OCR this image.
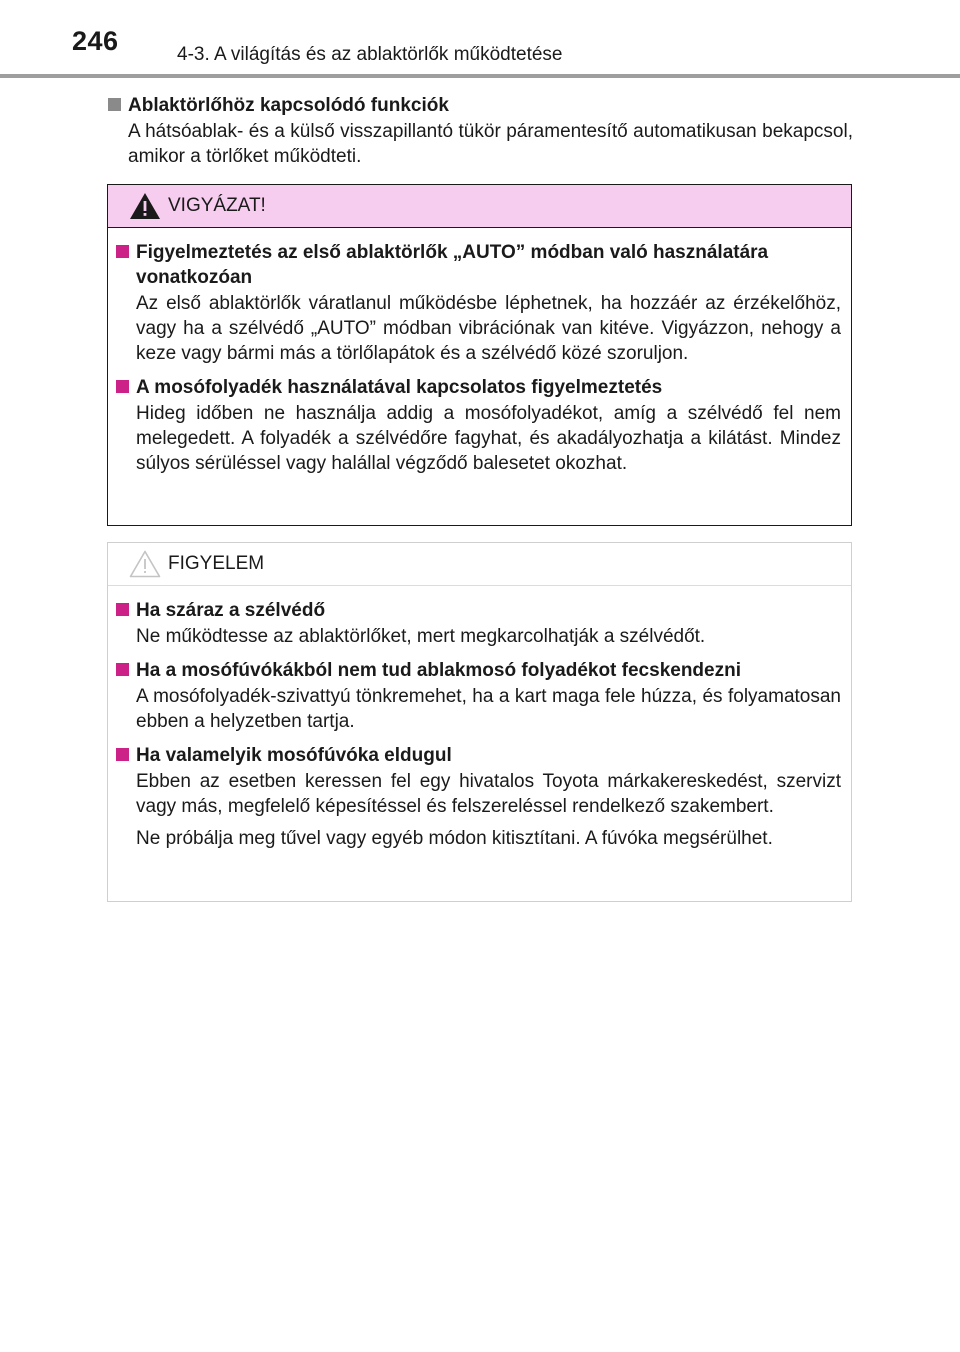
246	4-3. A világítás és az ablaktörlők működtetése
Ablaktörlőhöz kapcsolódó funkciók
A hátsóablak- és a külső visszapillantó tükör páramentesítő automatikusan bekapcsol, amikor a törlőket működteti.
VIGYÁZAT!
Figyelmeztetés az első ablaktörlők „AUTO” módban való használatára vonatkozóan
Az első ablaktörlők váratlanul működésbe léphetnek, ha hozzáér az érzékelőhöz, vagy ha a szélvédő „AUTO” módban vibrációnak van kitéve. Vigyázzon, nehogy a keze vagy bármi más a törlőlapátok és a szélvédő közé szoruljon.
A mosófolyadék használatával kapcsolatos figyelmeztetés
Hideg időben ne használja addig a mosófolyadékot, amíg a szélvédő fel nem melegedett. A folyadék a szélvédőre fagyhat, és akadályozhatja a kilátást. Mindez súlyos sérüléssel vagy halállal végződő balesetet okozhat.
FIGYELEM
Ha száraz a szélvédő
Ne működtesse az ablaktörlőket, mert megkarcolhatják a szélvédőt.
Ha a mosófúvókákból nem tud ablakmosó folyadékot fecskendezni
A mosófolyadék-szivattyú tönkremehet, ha a kart maga fele húzza, és folyamatosan ebben a helyzetben tartja.
Ha valamelyik mosófúvóka eldugul
Ebben az esetben keressen fel egy hivatalos Toyota márkakereskedést, szervizt vagy más, megfelelő képesítéssel és felszereléssel rendelkező szakembert.
Ne próbálja meg tűvel vagy egyéb módon kitisztítani. A fúvóka megsérülhet.
